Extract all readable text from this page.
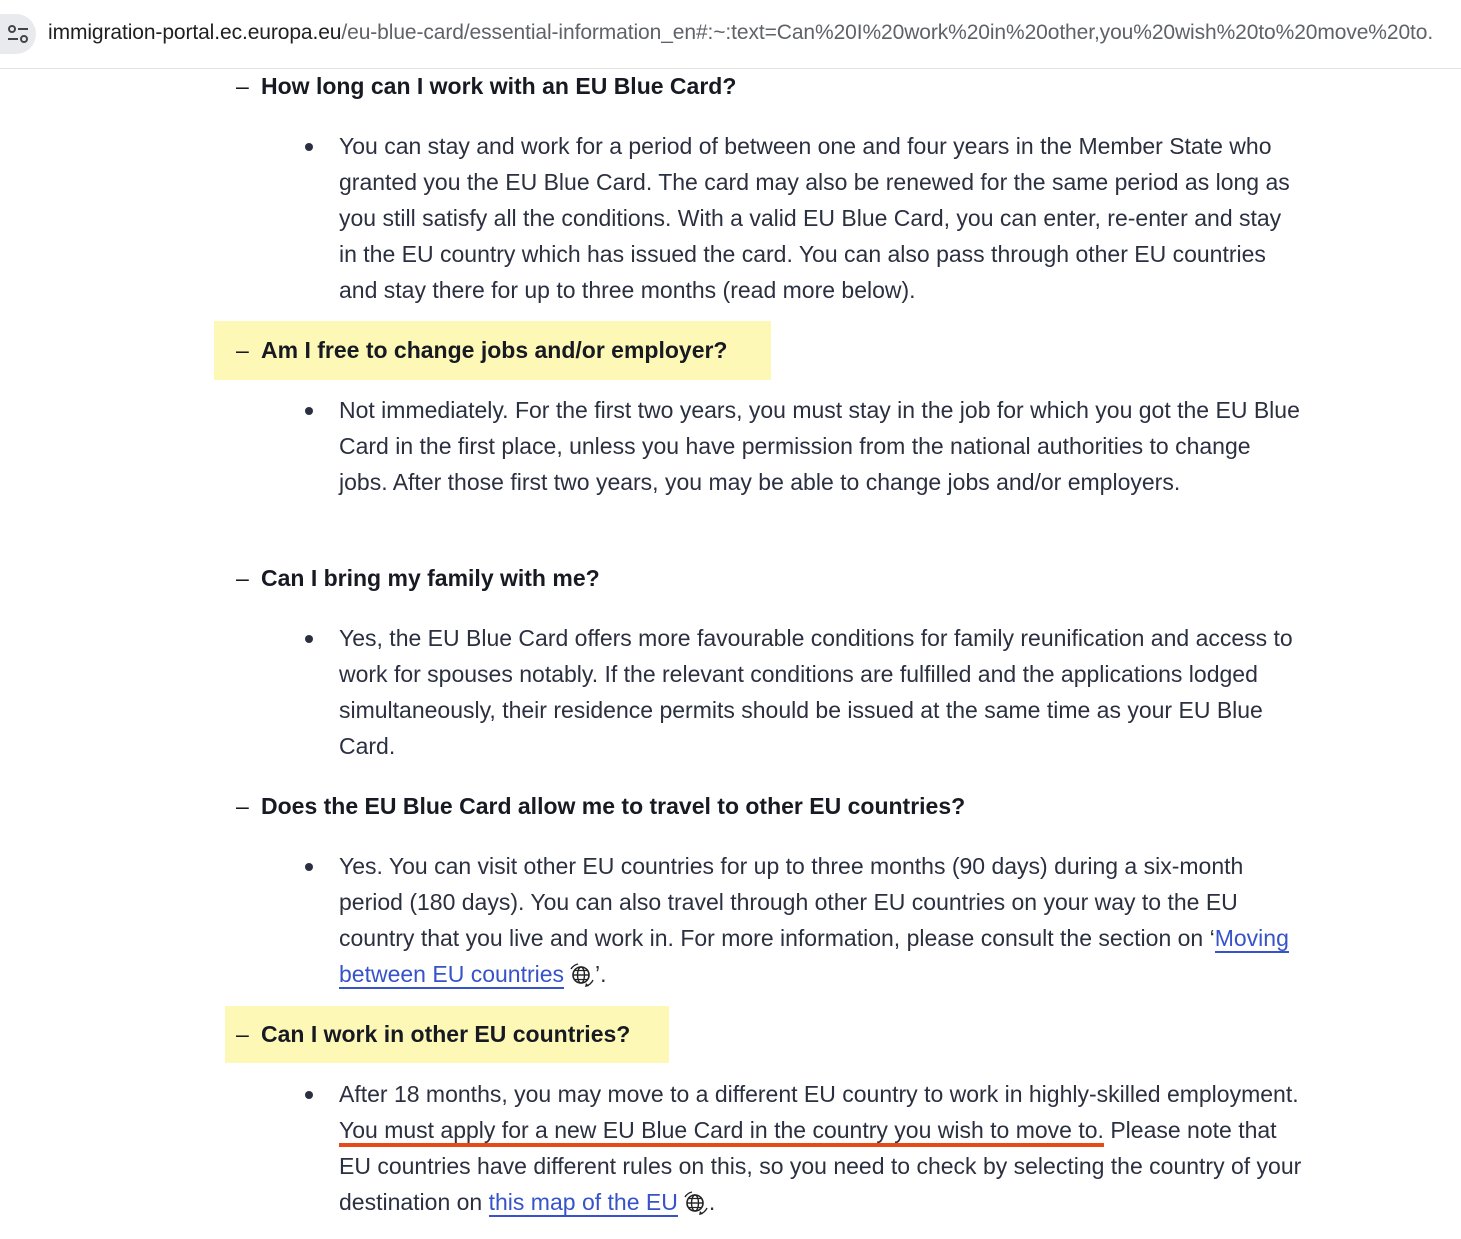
immigration-portal.ec.europa.eu/eu-blue-card/essential-information_en#:~:text=Can%20I%20work%20in%20other,you%20wish%20to%20move%20to.
– How long can I work with an EU Blue Card?
You can stay and work for a period of between one and four years in the Member State who granted you the EU Blue Card. The card may also be renewed for the same period as long as you still satisfy all the conditions. With a valid EU Blue Card, you can enter, re-enter and stay in the EU country which has issued the card. You can also pass through other EU countries and stay there for up to three months (read more below).
– Am I free to change jobs and/or employer?
Not immediately. For the first two years, you must stay in the job for which you got the EU Blue Card in the first place, unless you have permission from the national authorities to change jobs. After those first two years, you may be able to change jobs and/or employers.
– Can I bring my family with me?
Yes, the EU Blue Card offers more favourable conditions for family reunification and access to work for spouses notably. If the relevant conditions are fulfilled and the applications lodged simultaneously, their residence permits should be issued at the same time as your EU Blue Card.
– Does the EU Blue Card allow me to travel to other EU countries?
Yes. You can visit other EU countries for up to three months (90 days) during a six-month period (180 days). You can also travel through other EU countries on your way to the EU country that you live and work in. For more information, please consult the section on ‘Moving between EU countries ’.
– Can I work in other EU countries?
After 18 months, you may move to a different EU country to work in highly-skilled employment. You must apply for a new EU Blue Card in the country you wish to move to. Please note that EU countries have different rules on this, so you need to check by selecting the country of your destination on this map of the EU .
